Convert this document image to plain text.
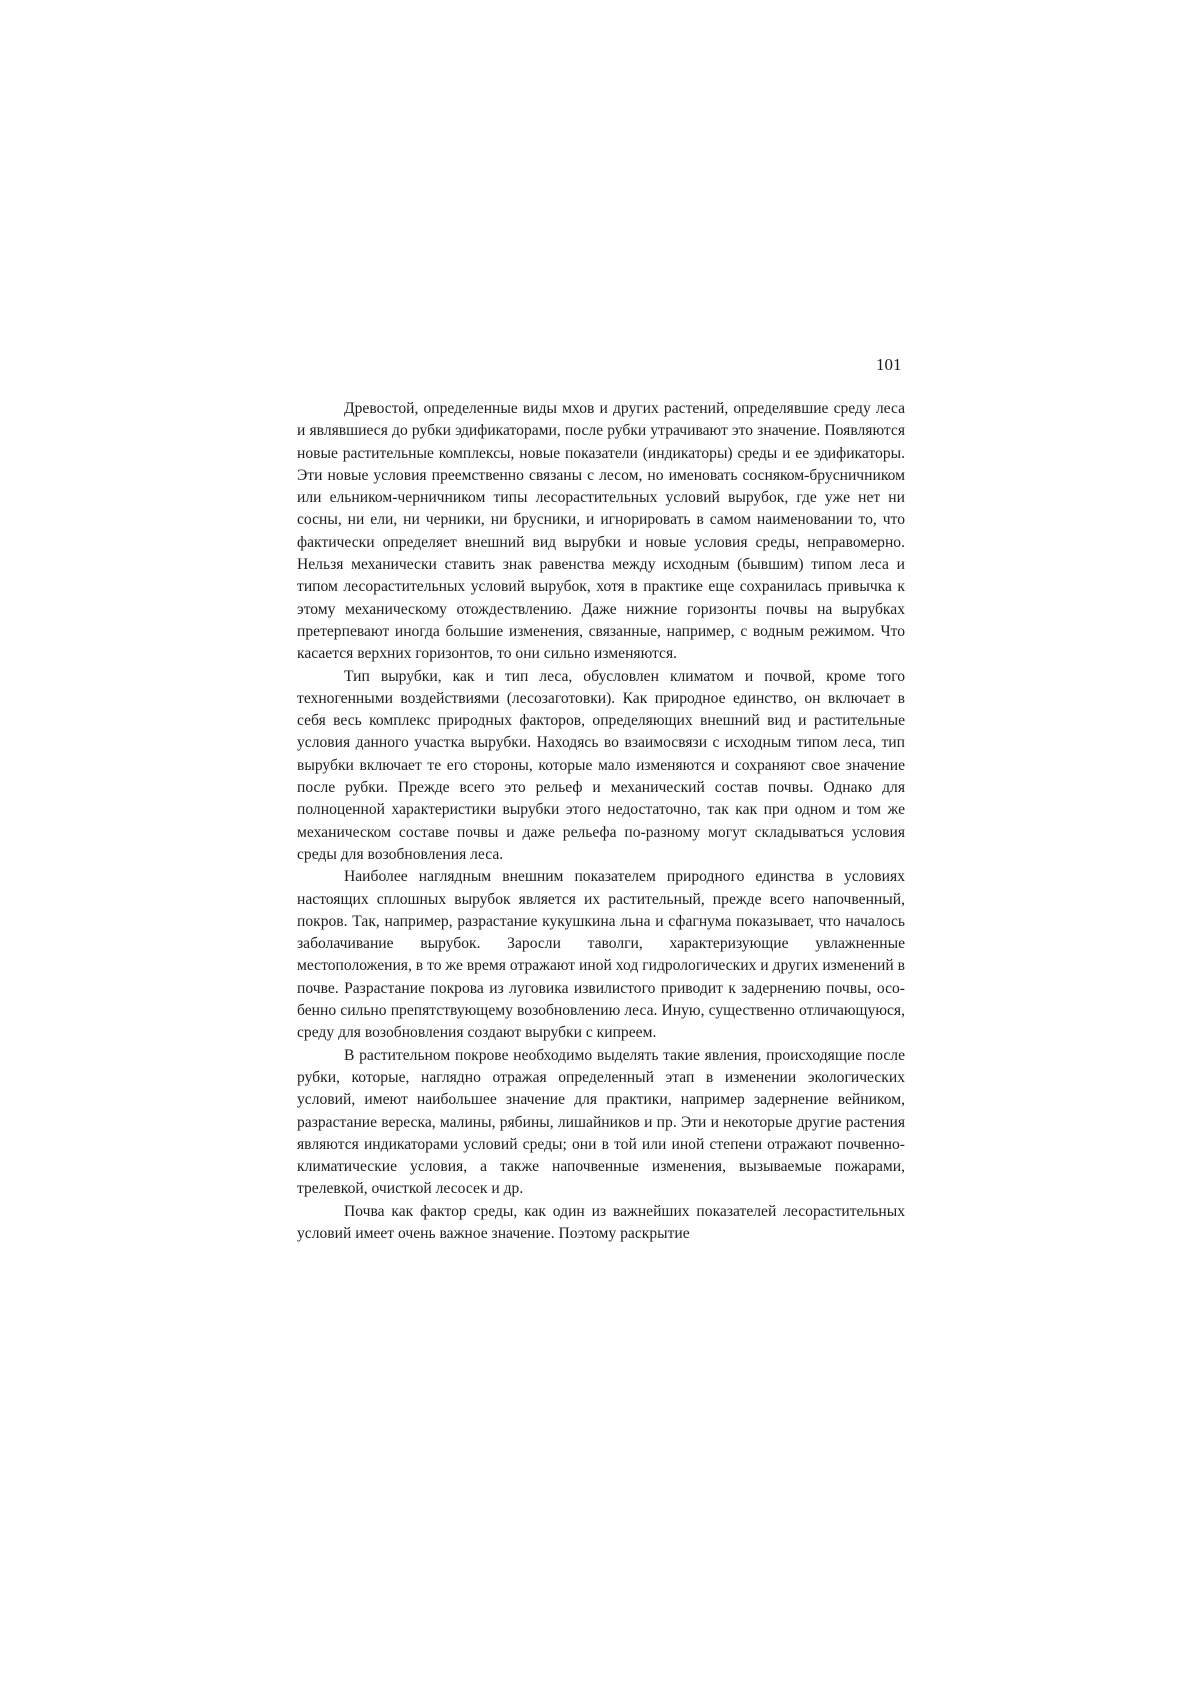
101

Древостой, определенные виды мхов и других растений, определявшие среду леса и являвшиеся до рубки эдификаторами, после рубки утрачивают это значение. Появляются новые растительные комплексы, новые показатели (индикаторы) среды и ее эдификаторы. Эти новые условия преемственно связаны с лесом, но именовать сосняком-брусничником или ельником-черничником типы лесорастительных условий вырубок, где уже нет ни сосны, ни ели, ни черники, ни брусники, и игнорировать в самом наименовании то, что фактически определяет внешний вид вырубки и новые условия среды, неправомерно. Нельзя механически ставить знак равенства между исходным (бывшим) типом леса и типом лесорастительных условий вырубок, хотя в практике еще сохранилась привычка к этому механическому отождествлению. Даже нижние горизонты почвы на вырубках претерпевают иногда большие изменения, связанные, например, с водным режимом. Что касается верхних горизонтов, то они сильно изменяются.

Тип вырубки, как и тип леса, обусловлен климатом и почвой, кроме того техногенными воздействиями (лесозаготовки). Как природное единство, он включает в себя весь комплекс природных факторов, определяющих внешний вид и растительные условия данного участка вырубки. Находясь во взаимосвязи с исходным типом леса, тип вырубки включает те его стороны, которые мало изменяются и сохраняют свое значение после рубки. Прежде всего это рельеф и механический состав почвы. Однако для полноценной характеристики вырубки этого недостаточно, так как при одном и том же механическом составе почвы и даже рельефа по-разному могут складываться условия среды для возобновления леса.

Наиболее наглядным внешним показателем природного единства в условиях настоящих сплошных вырубок является их растительный, прежде всего напочвенный, покров. Так, например, разрастание кукушкина льна и сфагнума показывает, что началось заболачивание вырубок. Заросли таволги, характеризующие увлажненные местоположения, в то же время отражают иной ход гидрологических и других изменений в почве. Разрастание покрова из луговика извилистого приводит к задернению почвы, особенно сильно препятствующему возобновлению леса. Иную, существенно отличающуюся, среду для возобновления создают вырубки с кипреем.

В растительном покрове необходимо выделять такие явления, происходящие после рубки, которые, наглядно отражая определенный этап в изменении экологических условий, имеют наибольшее значение для практики, например задернение вейником, разрастание вереска, малины, рябины, лишайников и пр. Эти и некоторые другие растения являются индикаторами условий среды; они в той или иной степени отражают почвенно-климатические условия, а также напочвенные изменения, вызываемые пожарами, трелевкой, очисткой лесосек и др.

Почва как фактор среды, как один из важнейших показателей лесорастительных условий имеет очень важное значение. Поэтому раскрытие
